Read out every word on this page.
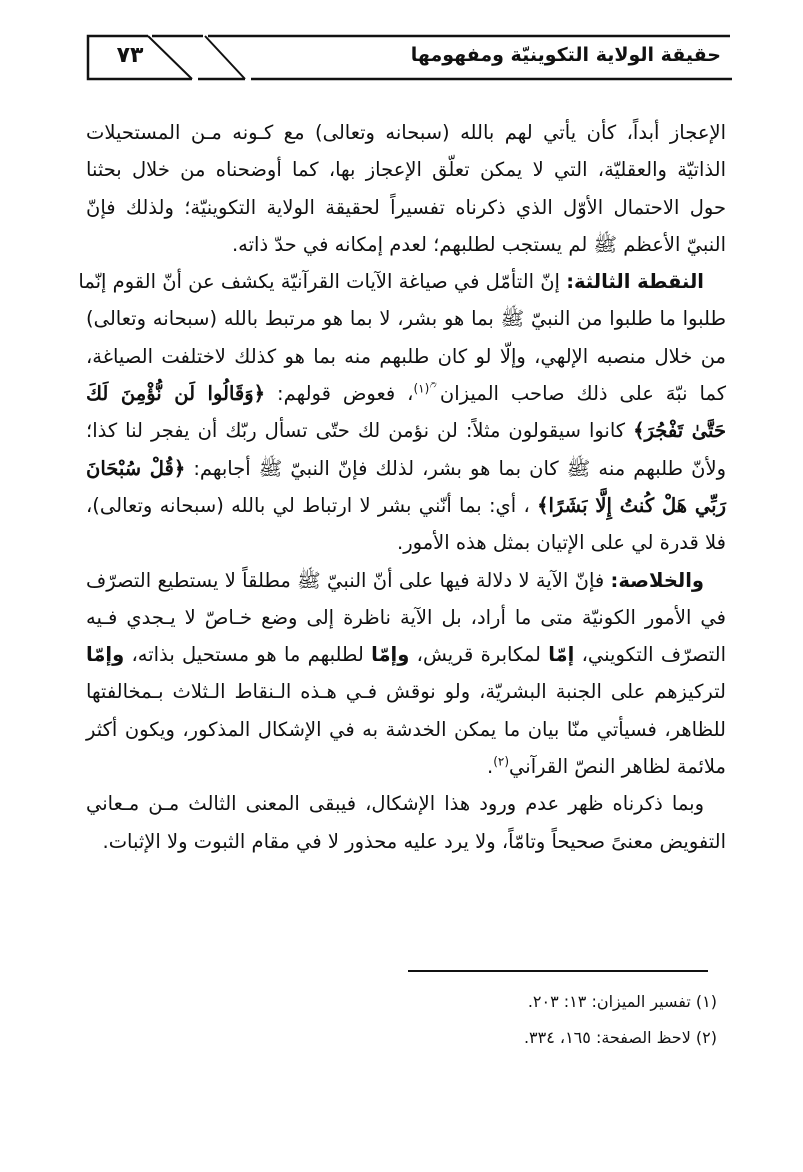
٧٣	حقيقة الولاية التكوينيّة ومفهومها
الإعجاز أبداً، كأن يأتي لهم بالله (سبحانه وتعالى) مع كـونه مـن المستحيلات
الذاتيّة والعقليّة، التي لا يمكن تعلّق الإعجاز بها، كما أوضحناه من خلال بحثنا
حول الاحتمال الأوّل الذي ذكرناه تفسيراً لحقيقة الولاية التكوينيّة؛ ولذلك فإنّ
النبيّ الأعظم ﷺ لم يستجب لطلبهم؛ لعدم إمكانه في حدّ ذاته.
النقطة الثالثة: إنّ التأمّل في صياغة الآيات القرآنيّة يكشف عن أنّ القوم إنّما
طلبوا ما طلبوا من النبيّ ﷺ بما هو بشر، لا بما هو مرتبط بالله (سبحانه وتعالى)
من خلال منصبه الإلهي، وإلّا لو كان طلبهم منه بما هو كذلك لاختلفت الصياغة،
كما نبّهَ على ذلك صاحب الميزان ؒ$^{(١)}$، فعوض قولهم: ﴿وَقَالُوا لَن نُّؤْمِنَ لَكَ
حَتَّىٰ تَفْجُرَ﴾ كانوا سيقولون مثلاً: لن نؤمن لك حتّى تسأل ربّك أن يفجر لنا كذا؛
ولأنّ طلبهم منه ﷺ كان بما هو بشر، لذلك فإنّ النبيّ ﷺ أجابهم: ﴿قُلْ سُبْحَانَ
رَبِّي هَلْ كُنتُ إِلَّا بَشَرًا﴾ ، أي: بما أنّني بشر لا ارتباط لي بالله (سبحانه وتعالى)،
فلا قدرة لي على الإتيان بمثل هذه الأمور.
والخلاصة: فإنّ الآية لا دلالة فيها على أنّ النبيّ ﷺ مطلقاً لا يستطيع التصرّف
في الأمور الكونيّة متى ما أراد، بل الآية ناظرة إلى وضع خـاصّ لا يـجدي فـيه
التصرّف التكويني، إمّا لمكابرة قريش، وإمّا لطلبهم ما هو مستحيل بذاته، وإمّا
لتركيزهم على الجنبة البشريّة، ولو نوقش فـي هـذه الـنقاط الـثلاث بـمخالفتها
للظاهر، فسيأتي منّا بيان ما يمكن الخدشة به في الإشكال المذكور، ويكون أكثر
ملائمة لظاهر النصّ القرآني$^{(٢)}$.
وبما ذكرناه ظهر عدم ورود هذا الإشكال، فيبقى المعنى الثالث مـن مـعاني
التفويض معنىً صحيحاً وتامّاً، ولا يرد عليه محذور لا في مقام الثبوت ولا الإثبات.
(١) تفسير الميزان: ١٣: ٢٠٣.
(٢) لاحظ الصفحة: ١٦٥، ٣٣٤.
